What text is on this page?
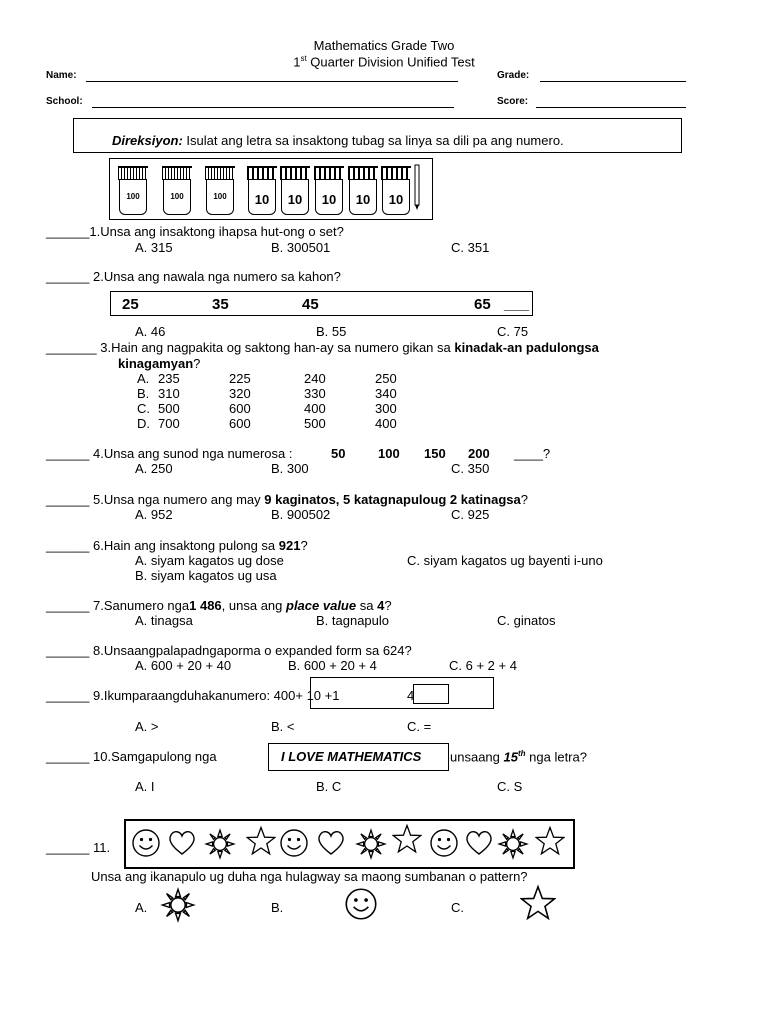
Mathematics Grade Two
1st Quarter Division Unified Test
Name:	Grade:
School:	Score:
Direksiyon: Isulat ang letra sa insaktong tubag sa linya sa dili pa ang numero.
100	100	100	10	10	10	10	10
______1.Unsa ang insaktong ihapsa hut-ong o set?
A. 315	B. 300501	C. 351
______ 2.Unsa ang nawala nga numero sa kahon?
25	35	45	65 ___
A. 46	B. 55	C. 75
_______ 3.Hain ang nagpakita og saktong han-ay sa numero gikan sa kinadak-an padulongsa
kinagamyan?
A. 235	225	240	250
B. 310	320	330	340
C. 500	600	400	300
D. 700	600	500	400
______ 4.Unsa ang sunod nga numerosa :	50	100 150 200 ____?
A. 250	B. 300	C. 350
______ 5.Unsa nga numero ang may 9 kaginatos, 5 katagnapuloug 2 katinagsa?
A. 952	B. 900502	C. 925
______ 6.Hain ang insaktong pulong sa 921?
A. siyam kagatos ug dose	C. siyam kagatos ug bayenti i-uno
B. siyam kagatos ug usa
______ 7.Sanumero nga1 486, unsa ang place value sa 4?
A. tinagsa	B. tagnapulo	C. ginatos
______ 8.Unsaangpalapadngaporma o expanded form sa 624?
A. 600 + 20 + 40	B. 600 + 20 + 4	C. 6 + 2 + 4
______ 9.Ikumparaangduhakanumero: 400+ 10 +1	4
A. >	B. <	C. =
______ 10.Samgapulong nga	I LOVE MATHEMATICS unsaang 15th nga letra?
A. I	B. C	C. S
______ 11.
Unsa ang ikanapulo ug duha nga hulagway sa maong sumbanan o pattern?
A.	B.	C.
